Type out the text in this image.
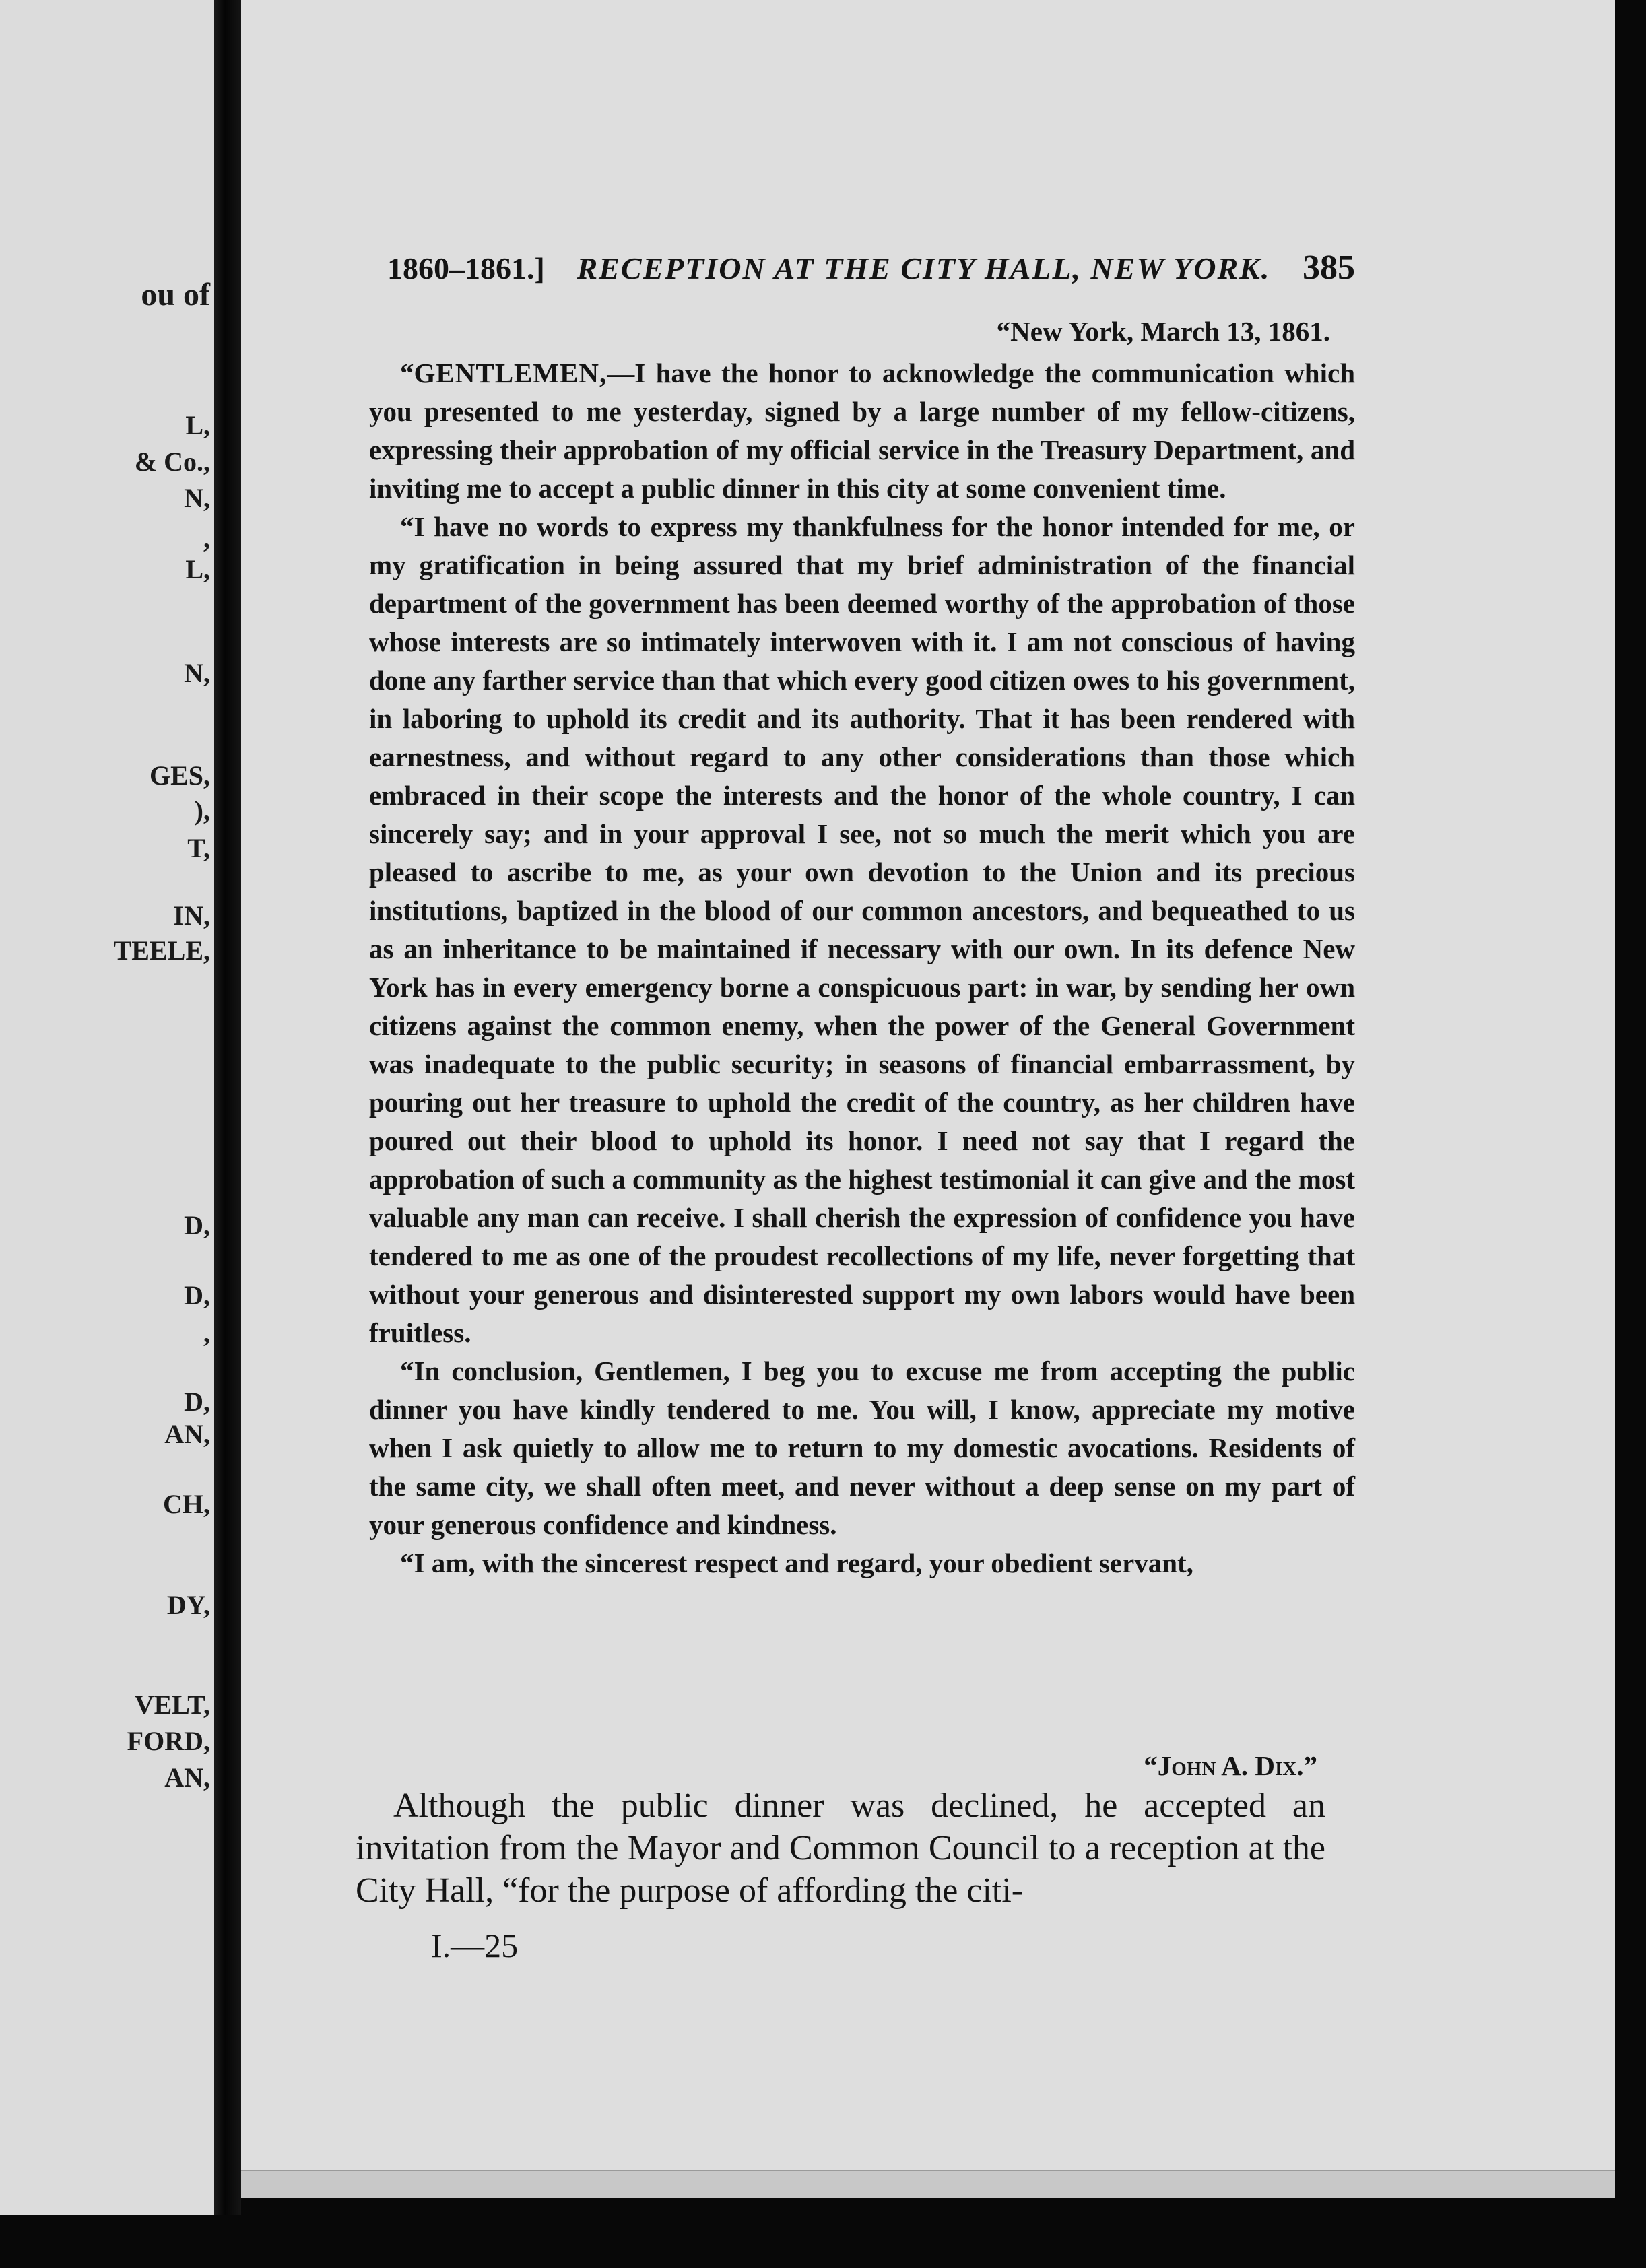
ou of
L,
& Co.,
N,
,
L,
N,
GES,
),
T,
IN,
TEELE,
D,
D,
,
D,
AN,
CH,
DY,
VELT,
FORD,
AN,
1860–1861.] RECEPTION AT THE CITY HALL, NEW YORK. 385
“New York, March 13, 1861.

“GENTLEMEN,—I have the honor to acknowledge the communication which you presented to me yesterday, signed by a large number of my fellow-citizens, expressing their approbation of my official service in the Treasury Department, and inviting me to accept a public dinner in this city at some convenient time.

“I have no words to express my thankfulness for the honor intended for me, or my gratification in being assured that my brief administration of the financial department of the government has been deemed worthy of the approbation of those whose interests are so intimately interwoven with it. I am not conscious of having done any farther service than that which every good citizen owes to his government, in laboring to uphold its credit and its authority. That it has been rendered with earnestness, and without regard to any other considerations than those which embraced in their scope the interests and the honor of the whole country, I can sincerely say; and in your approval I see, not so much the merit which you are pleased to ascribe to me, as your own devotion to the Union and its precious institutions, baptized in the blood of our common ancestors, and bequeathed to us as an inheritance to be maintained if necessary with our own. In its defence New York has in every emergency borne a conspicuous part: in war, by sending her own citizens against the common enemy, when the power of the General Government was inadequate to the public security; in seasons of financial embarrassment, by pouring out her treasure to uphold the credit of the country, as her children have poured out their blood to uphold its honor. I need not say that I regard the approbation of such a community as the highest testimonial it can give and the most valuable any man can receive. I shall cherish the expression of confidence you have tendered to me as one of the proudest recollections of my life, never forgetting that without your generous and disinterested support my own labors would have been fruitless.

“In conclusion, Gentlemen, I beg you to excuse me from accepting the public dinner you have kindly tendered to me. You will, I know, appreciate my motive when I ask quietly to allow me to return to my domestic avocations. Residents of the same city, we shall often meet, and never without a deep sense on my part of your generous confidence and kindness.

“I am, with the sincerest respect and regard, your obedient servant,

“John A. Dix.”

Although the public dinner was declined, he accepted an invitation from the Mayor and Common Council to a reception at the City Hall, “for the purpose of affording the citi-

I.—25
